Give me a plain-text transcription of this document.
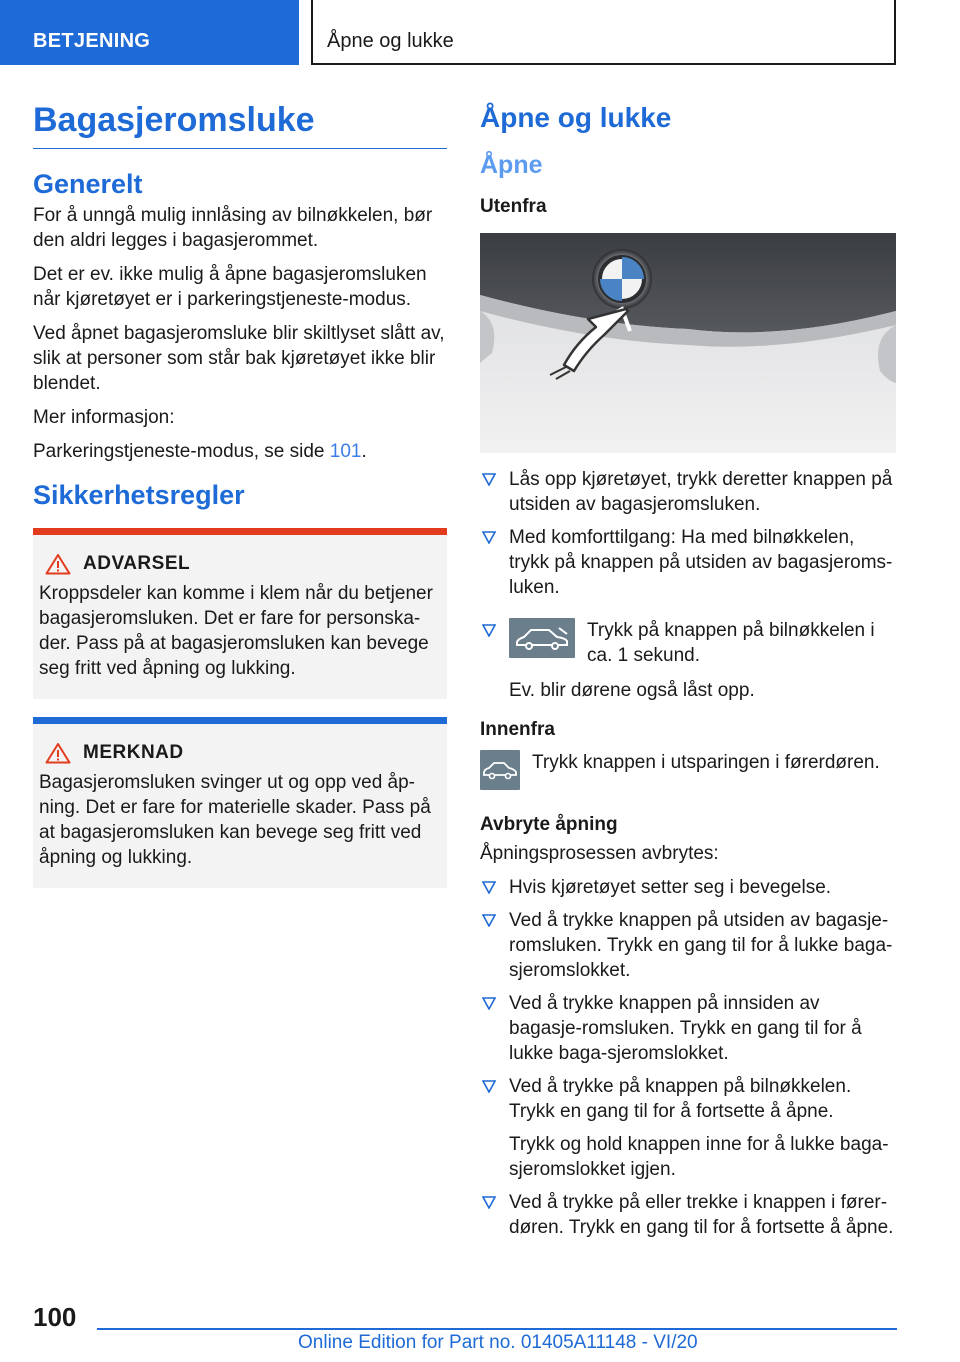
BETJENING	Åpne og lukke
Bagasjeromsluke
Generelt

For å unngå mulig innlåsing av bilnøkkelen, bør den aldri legges i bagasjerommet.

Det er ev. ikke mulig å åpne bagasjeromsluken når kjøretøyet er i parkeringstjeneste-modus.

Ved åpnet bagasjeromsluke blir skiltlyset slått av, slik at personer som står bak kjøretøyet ikke blir blendet.

Mer informasjon:

Parkeringstjeneste-modus, se side 101.

Sikkerhetsregler
ADVARSEL

Kroppsdeler kan komme i klem når du betjener bagasjeromsluken. Det er fare for personska-der. Pass på at bagasjeromsluken kan bevege seg fritt ved åpning og lukking.

MERKNAD

Bagasjeromsluken svinger ut og opp ved åp-ning. Det er fare for materielle skader. Pass på at bagasjeromsluken kan bevege seg fritt ved åpning og lukking.

Åpne og lukke
Åpne
Utenfra
Lås opp kjøretøyet, trykk deretter knappen på utsiden av bagasjeromsluken.
Med komforttilgang: Ha med bilnøkkelen, trykk på knappen på utsiden av bagasjeroms-luken.
Trykk på knappen på bilnøkkelen i ca. 1 sekund.
Ev. blir dørene også låst opp.
Innenfra
Trykk knappen i utsparingen i førerdøren.
Avbryte åpning

Åpningsprosessen avbrytes:

Hvis kjøretøyet setter seg i bevegelse.
Ved å trykke knappen på utsiden av bagasje-romsluken. Trykk en gang til for å lukke baga-sjeromslokket.
Ved å trykke knappen på innsiden av bagasje-romsluken. Trykk en gang til for å lukke baga-sjeromslokket.
Ved å trykke på knappen på bilnøkkelen. Trykk en gang til for å fortsette å åpne.
Trykk og hold knappen inne for å lukke baga-sjeromslokket igjen.
Ved å trykke på eller trekke i knappen i fører-døren. Trykk en gang til for å fortsette å åpne.
100
Online Edition for Part no. 01405A11148 - VI/20
